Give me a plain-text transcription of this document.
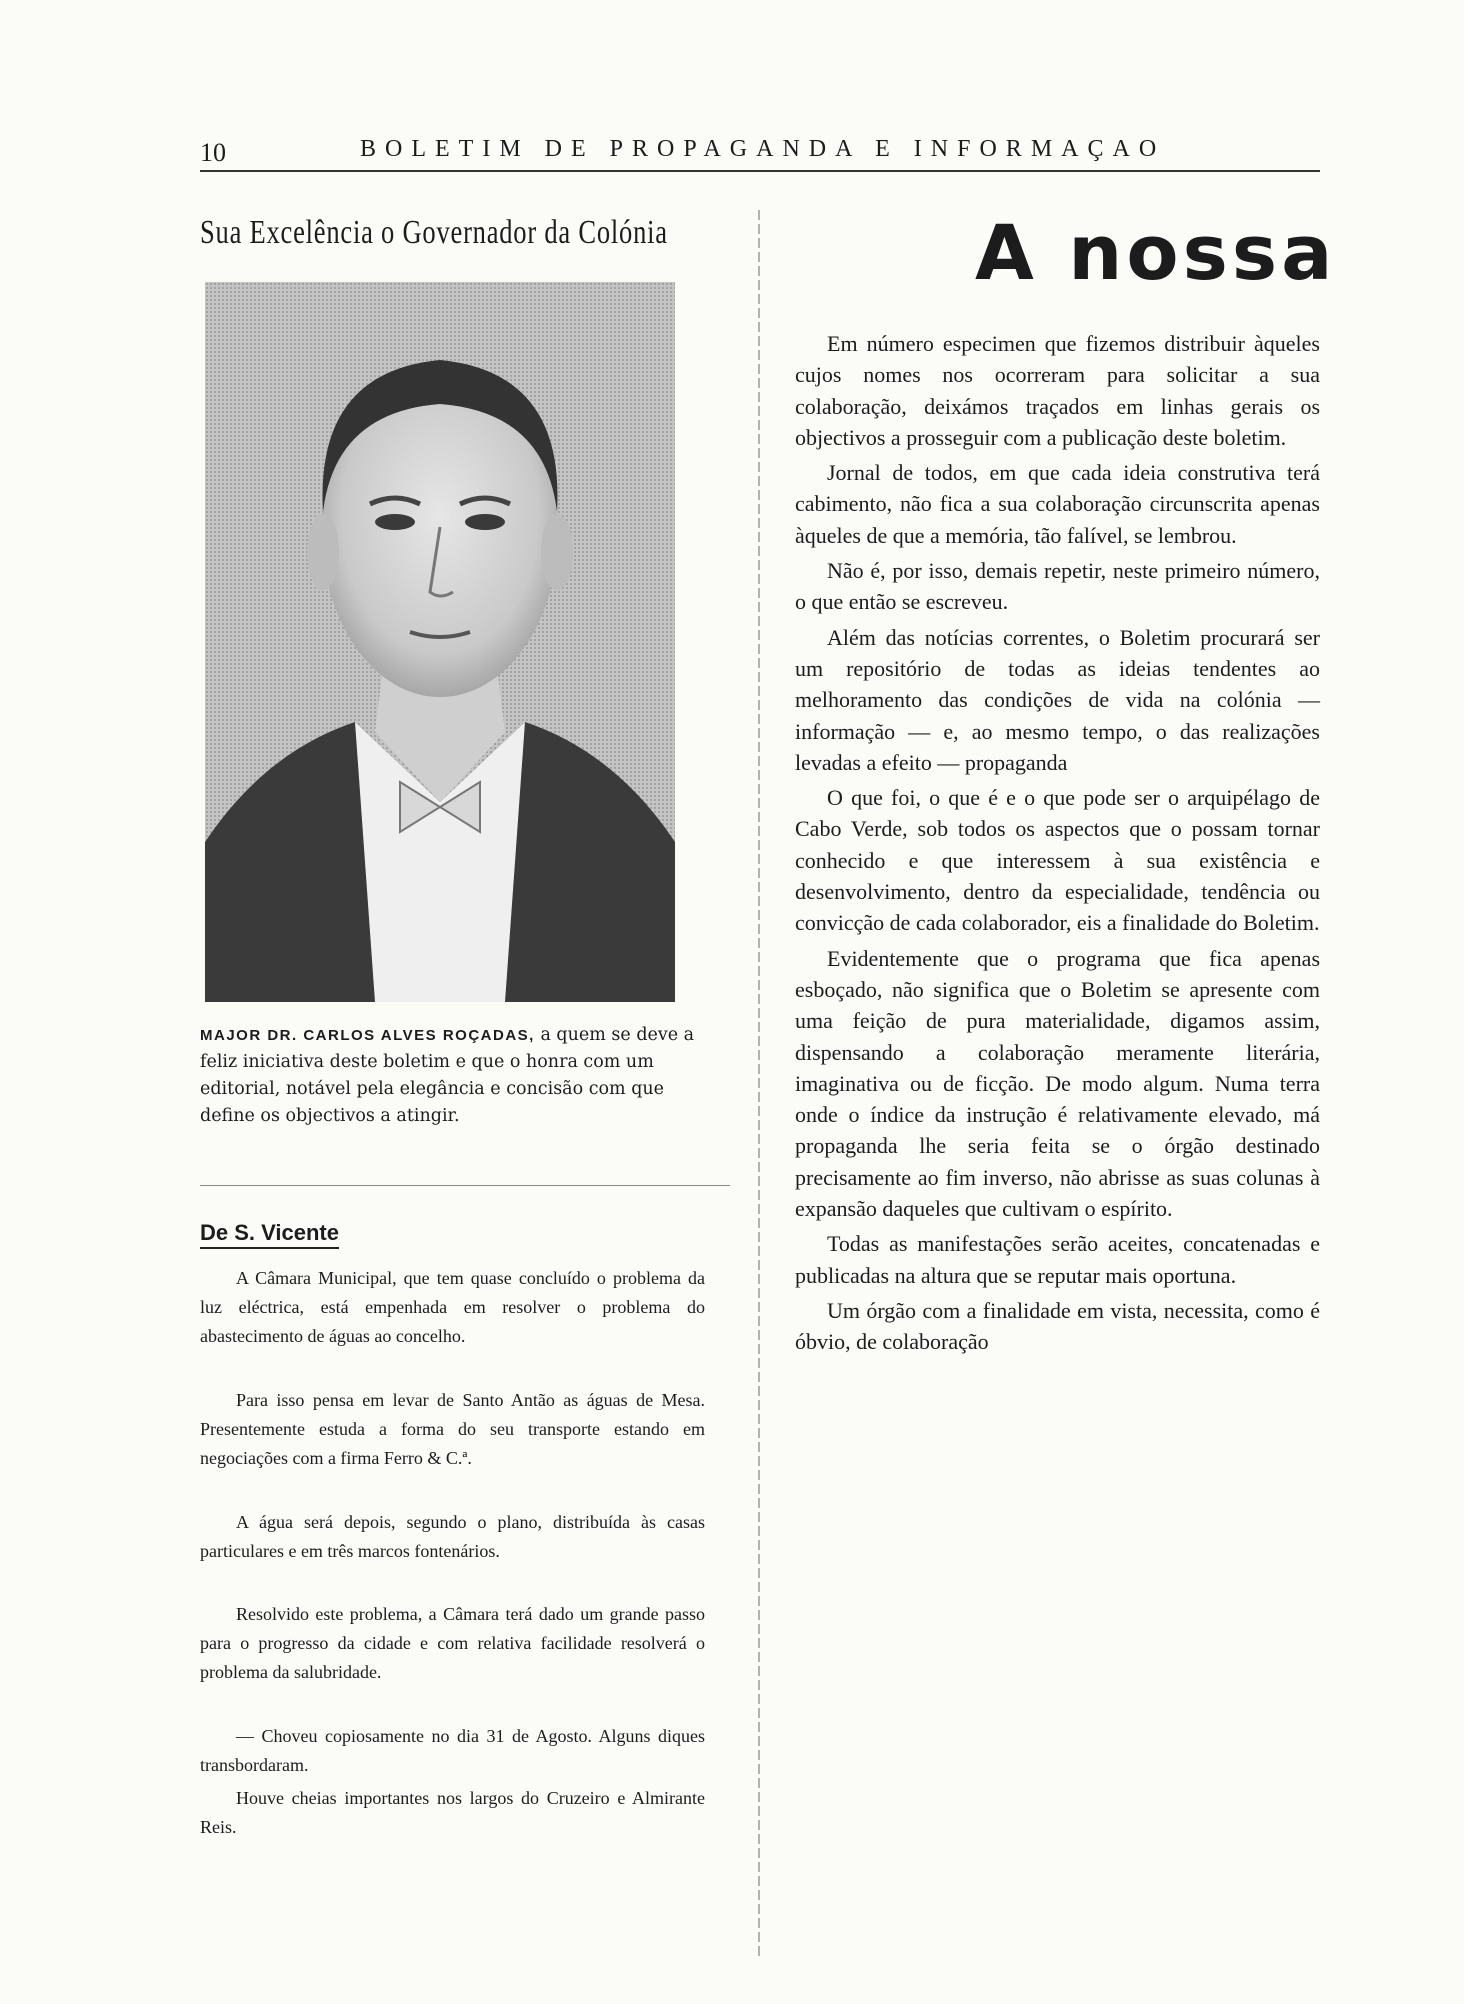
10	BOLETIM DE PROPAGANDA E INFORMAÇAO
Sua Excelência o Governador da Colónia
MAJOR DR. CARLOS ALVES ROÇADAS, a quem se deve a feliz iniciativa deste boletim e que o honra com um editorial, notável pela elegância e concisão com que define os objectivos a atingir.
De S. Vicente

A Câmara Municipal, que tem quase concluído o problema da luz eléctrica, está empenhada em resolver o problema do abastecimento de águas ao concelho.

Para isso pensa em levar de Santo Antão as águas de Mesa. Presentemente estuda a forma do seu transporte estando em negociações com a firma Ferro & C.ª.

A água será depois, segundo o plano, distribuída às casas particulares e em três marcos fontenários.

Resolvido este problema, a Câmara terá dado um grande passo para o progresso da cidade e com relativa facilidade resolverá o problema da salubridade.

— Choveu copiosamente no dia 31 de Agosto. Alguns diques transbordaram.

Houve cheias importantes nos largos do Cruzeiro e Almirante Reis.

A nossa

Em número especimen que fizemos distribuir àqueles cujos nomes nos ocorreram para solicitar a sua colaboração, deixámos traçados em linhas gerais os objectivos a prosseguir com a publicação deste boletim.

Jornal de todos, em que cada ideia construtiva terá cabimento, não fica a sua colaboração circunscrita apenas àqueles de que a memória, tão falível, se lembrou.

Não é, por isso, demais repetir, neste primeiro número, o que então se escreveu.

Além das notícias correntes, o Boletim procurará ser um repositório de todas as ideias tendentes ao melhoramento das condições de vida na colónia — informação — e, ao mesmo tempo, o das realizações levadas a efeito — propaganda

O que foi, o que é e o que pode ser o arquipélago de Cabo Verde, sob todos os aspectos que o possam tornar conhecido e que interessem à sua existência e desenvolvimento, dentro da especialidade, tendência ou convicção de cada colaborador, eis a finalidade do Boletim.

Evidentemente que o programa que fica apenas esboçado, não significa que o Boletim se apresente com uma feição de pura materialidade, digamos assim, dispensando a colaboração meramente literária, imaginativa ou de ficção. De modo algum. Numa terra onde o índice da instrução é relativamente elevado, má propaganda lhe seria feita se o órgão destinado precisamente ao fim inverso, não abrisse as suas colunas à expansão daqueles que cultivam o espírito.

Todas as manifestações serão aceites, concatenadas e publicadas na altura que se reputar mais oportuna.

Um órgão com a finalidade em vista, necessita, como é óbvio, de colaboração
